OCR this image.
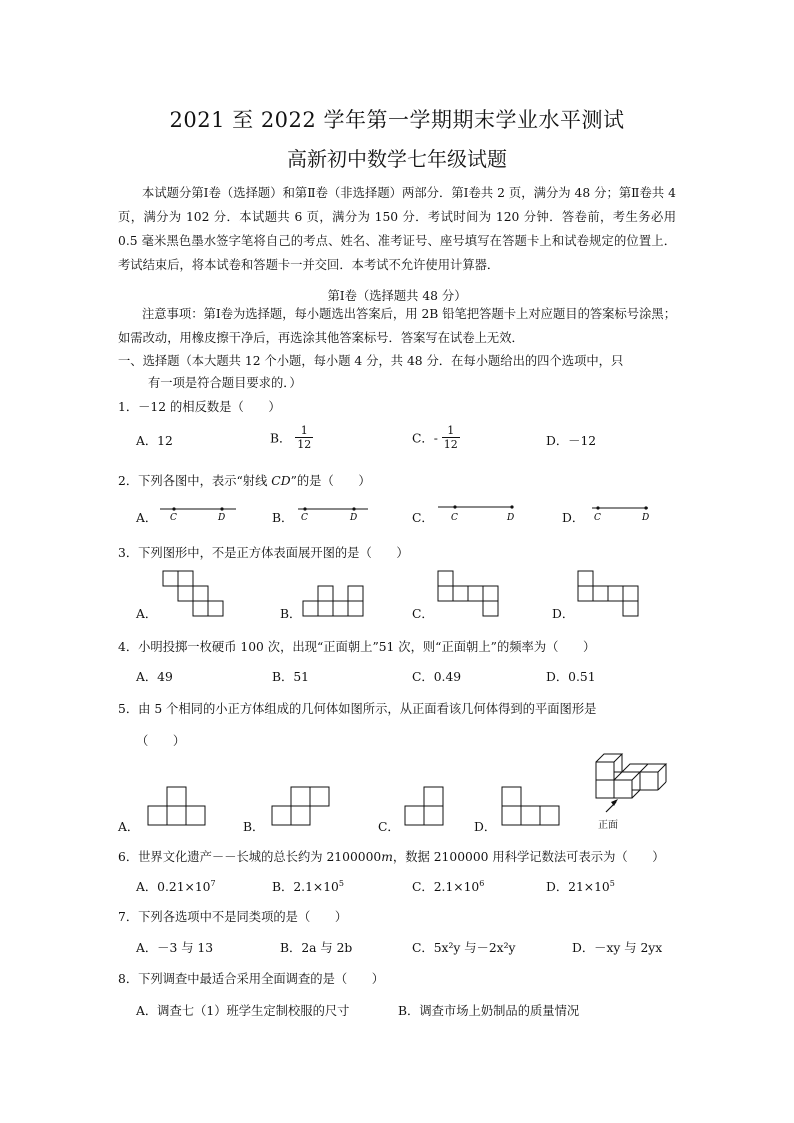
2021 至 2022 学年第一学期期末学业水平测试
高新初中数学七年级试题
本试题分第Ⅰ卷（选择题）和第Ⅱ卷（非选择题）两部分．第Ⅰ卷共 2 页，满分为 48 分；第Ⅱ卷共 4 页，满分为 102 分．本试题共 6 页，满分为 150 分．考试时间为 120 分钟．答卷前，考生务必用 0.5 毫米黑色墨水签字笔将自己的考点、姓名、准考证号、座号填写在答题卡上和试卷规定的位置上．考试结束后，将本试卷和答题卡一并交回．本考试不允许使用计算器．
第Ⅰ卷（选择题共 48 分）
注意事项：第Ⅰ卷为选择题，每小题选出答案后，用 2B 铅笔把答题卡上对应题目的答案标号涂黑；如需改动，用橡皮擦干净后，再选涂其他答案标号．答案写在试卷上无效．
一、选择题（本大题共 12 个小题，每小题 4 分，共 48 分．在每小题给出的四个选项中，只
有一项是符合题目要求的．）
1．－12 的相反数是（　　）
A．12	B． $\frac{1}{12}$	C．- $\frac{1}{12}$	D．－12
2．下列各图中，表示“射线 CD”的是（　　）
A．	B．	C．	D．
C	D	C	D	C	D	C	D
3．下列图形中，不是正方体表面展开图的是（　　）
A．	B．	C．	D．
4．小明投掷一枚硬币 100 次，出现“正面朝上”51 次，则“正面朝上”的频率为（　　）
A．49	B．51	C．0.49	D．0.51
5．由 5 个相同的小正方体组成的几何体如图所示，从正面看该几何体得到的平面图形是
（　　）
A．	B．	C．	D．	正面
6．世界文化遗产－－长城的总长约为 2100000m，数据 2100000 用科学记数法可表示为（　　）
A．$0.21\times 10^7$	B．$2.1\times 10^5$	C．$2.1\times 10^6$	D．$21\times 10^5$
7．下列各选项中不是同类项的是（　　）
A．－3 与 13	B．2a 与 2b	C．5x²y 与－2x²y	D．－xy 与 2yx
8．下列调查中最适合采用全面调查的是（　　）
A．调查七（1）班学生定制校服的尺寸	B．调查市场上奶制品的质量情况
